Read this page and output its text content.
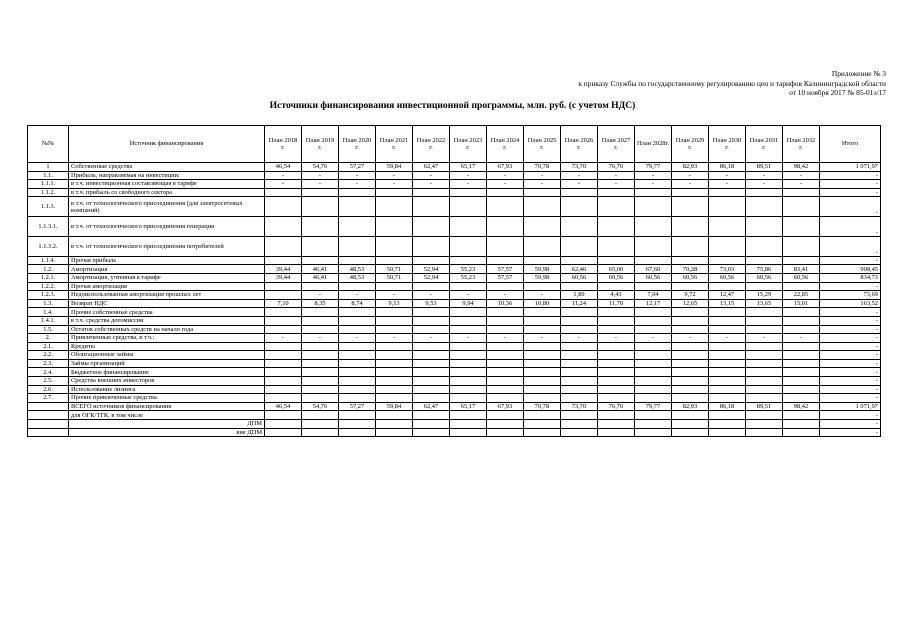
Приложение № 3
к приказу Службы по государственному регулированию цен и тарифов Калининградской области
от 10 ноября 2017 № 85-01э/17
Источники финансирования инвестиционной программы, млн. руб. (с учетом НДС)
№№	Источник финансирования	План 2018 г.	План 2019 г.	План 2020 г.	План 2021 г.	План 2022 г.	План 2023 г.	План 2024 г.	План 2025 г.	План 2026 г.	План 2027 г.	План 2028г.	План 2029 г.	План 2030 г.	План 2031 г.	План 2032 г.	Итого
1	Собственные средства	46,54	54,76	57,27	59,84	62,47	65,17	67,93	70,78	73,70	76,70	79,77	82,93	86,18	89,51	98,42	1 071,97
1.1.	Прибыль, направляемая на инвестиции:	-	-	-	-	-	-	-	-	-	-	-	-	-	-	-	-
1.1.1.	в т.ч. инвестиционная составляющая в тарифе	-	-	-	-	-	-	-	-	-	-	-	-	-	-	-	-
1.1.2.	в т.ч. прибыль со свободного сектора																-
1.1.3.	в т.ч. от технологического присоединения (для электросетевых компаний)																-
1.1.3.1.	в т.ч. от технологического присоединения генерации																-
1.1.3.2.	в т.ч. от технологического присоединения потребителей																-
1.1.4.	Прочая прибыль																-
1.2.	Амортизация	39,44	46,41	48,53	50,71	52,94	55,23	57,57	59,98	62,46	65,00	67,60	70,28	73,03	75,86	83,41	908,45
1.2.1.	Амортизация, учтенная в тарифе	39,44	46,41	48,53	50,71	52,94	55,23	57,57	59,98	60,56	60,56	60,56	60,56	60,56	60,56	60,56	834,73
1.2.2.	Прочая амортизация																-
1.2.3.	Недоиспользованная амортизация прошлых лет		-	-	-	-	-	-	-	1,89	4,43	7,04	9,72	12,47	15,29	22,85	73,69
1.3.	Возврат НДС	7,10	8,35	8,74	9,13	9,53	9,94	10,36	10,80	11,24	11,70	12,17	12,65	13,15	13,65	15,01	163,52
1.4.	Прочие собственные средства																-
1.4.1.	в т.ч. средства допэмиссии																-
1.5.	Остаток собственных средств на начало года																-
2.	Привлеченные средства, в т.ч.:	-	-	-	-	-	-	-	-	-	-	-	-	-	-	-	-
2.1.	Кредиты																-
2.2.	Облигационные займы																-
2.3.	Займы организаций																-
2.4.	Бюджетное финансирование																-
2.5.	Средства внешних инвесторов																-
2.6.	Использование лизинга																-
2.7.	Прочие привлеченные средства																-
	ВСЕГО источников финансирования	46,54	54,76	57,27	59,84	62,47	65,17	67,93	70,78	73,70	76,70	79,77	82,93	86,18	89,51	98,42	1 071,97
	для ОГК/ТГК, в том числе																-
	ДПМ																-
	вне ДПМ																-
